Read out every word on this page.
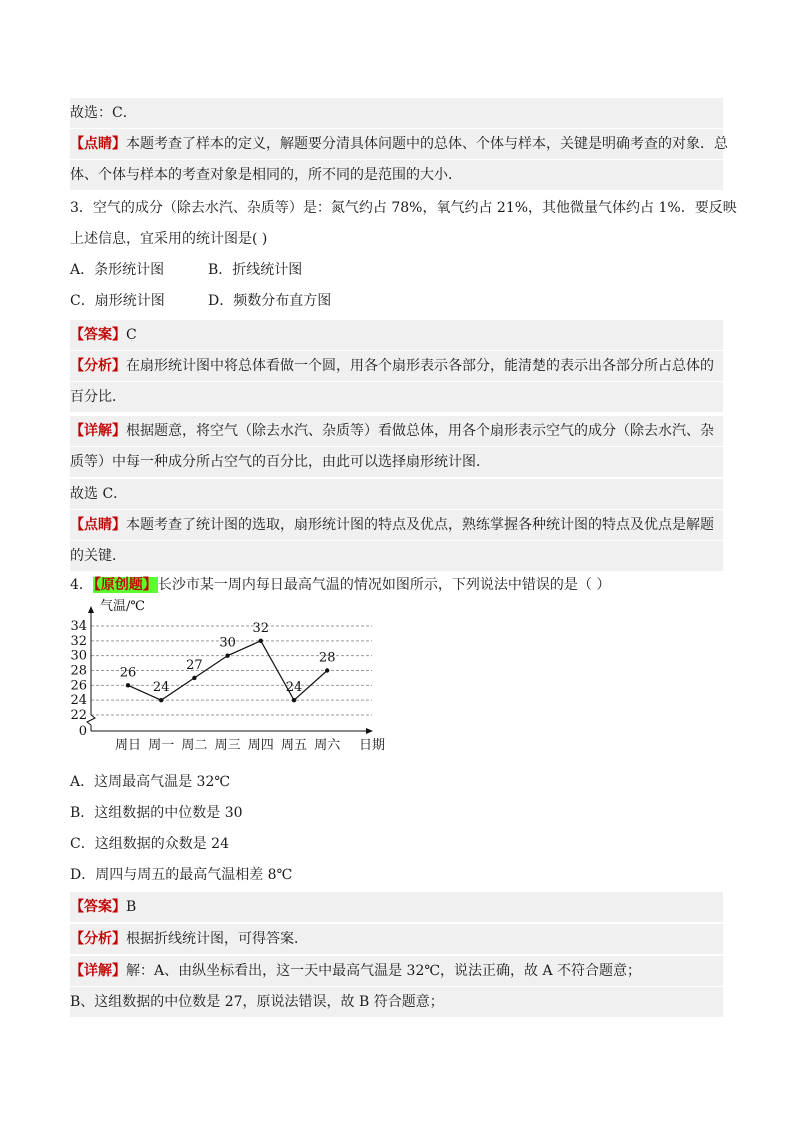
故选：C．
【点睛】本题考查了样本的定义，解题要分清具体问题中的总体、个体与样本，关键是明确考查的对象．总
体、个体与样本的考查对象是相同的，所不同的是范围的大小．
3．空气的成分（除去水汽、杂质等）是：氮气约占 78%，氧气约占 21%，其他微量气体约占 1%．要反映
上述信息，宜采用的统计图是( )
A．条形统计图	B．折线统计图
C．扇形统计图	D．频数分布直方图
【答案】C
【分析】在扇形统计图中将总体看做一个圆，用各个扇形表示各部分，能清楚的表示出各部分所占总体的
百分比．
【详解】根据题意，将空气（除去水汽、杂质等）看做总体，用各个扇形表示空气的成分（除去水汽、杂
质等）中每一种成分所占空气的百分比，由此可以选择扇形统计图．
故选 C．
【点睛】本题考查了统计图的选取，扇形统计图的特点及优点，熟练掌握各种统计图的特点及优点是解题
的关键．
4．【原创题】长沙市某一周内每日最高气温的情况如图所示，下列说法中错误的是（ ）
0
22
24
26
28
30
32
34
气温/℃
日期
周日 周一 周二 周三 周四 周五 周六
26
24
27
30
32
24
28
A．这周最高气温是 32℃
B．这组数据的中位数是 30
C．这组数据的众数是 24
D．周四与周五的最高气温相差 8℃
【答案】B
【分析】根据折线统计图，可得答案．
【详解】解：A、由纵坐标看出，这一天中最高气温是 32℃，说法正确，故 A 不符合题意；
B、这组数据的中位数是 27，原说法错误，故 B 符合题意；
